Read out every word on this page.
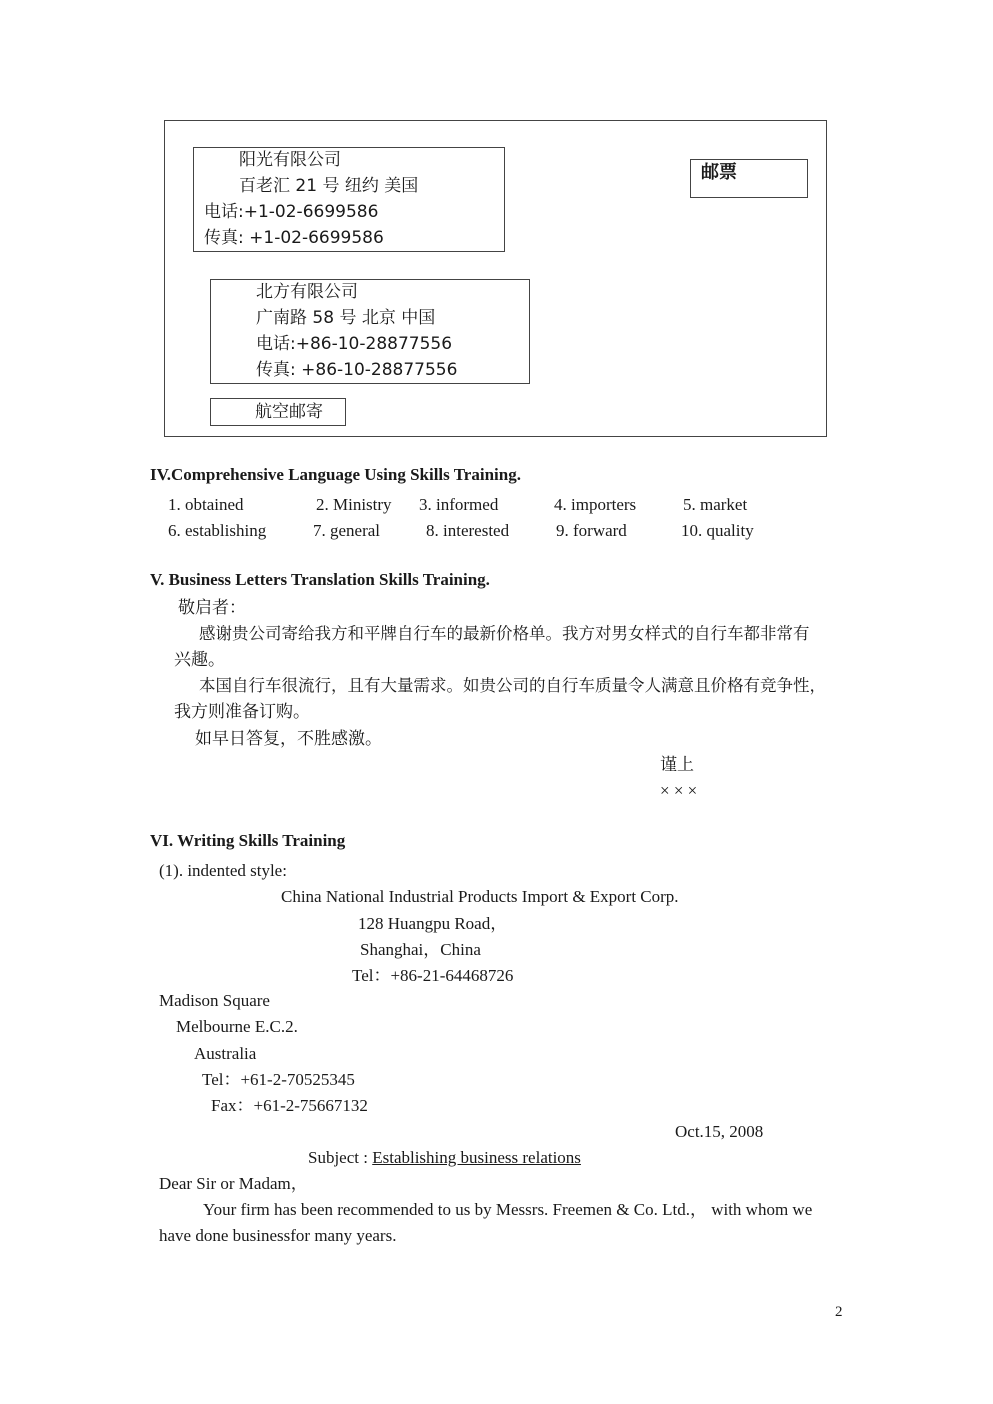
阳光有限公司
百老汇 21 号 纽约 美国
电话:+1-02-6699586
传真: +1-02-6699586
邮票
北方有限公司
广南路 58 号 北京 中国
电话:+86-10-28877556
传真: +86-10-28877556
航空邮寄
IV.Comprehensive Language Using Skills Training.
1. obtained	2. Ministry 3. informed	4. importers	5. market
6. establishing	7. general	8. interested	9. forward	10. quality
V. Business Letters Translation Skills Training.
敬启者：
感谢贵公司寄给我方和平牌自行车的最新价格单。我方对男女样式的自行车都非常有
兴趣。
本国自行车很流行，且有大量需求。如贵公司的自行车质量令人满意且价格有竞争性，
我方则准备订购。
如早日答复，不胜感激。
谨上
× × ×
VI. Writing Skills Training
(1). indented style:
China National Industrial Products Import & Export Corp.
128 Huangpu Road，
Shanghai，China
Tel：+86-21-64468726
Madison Square
Melbourne E.C.2.
Australia
Tel：+61-2-70525345
Fax：+61-2-75667132
Oct.15, 2008
Subject : Establishing business relations
Dear Sir or Madam，
Your firm has been recommended to us by Messrs. Freemen & Co. Ltd.， with whom we
have done businessfor many years.
2
